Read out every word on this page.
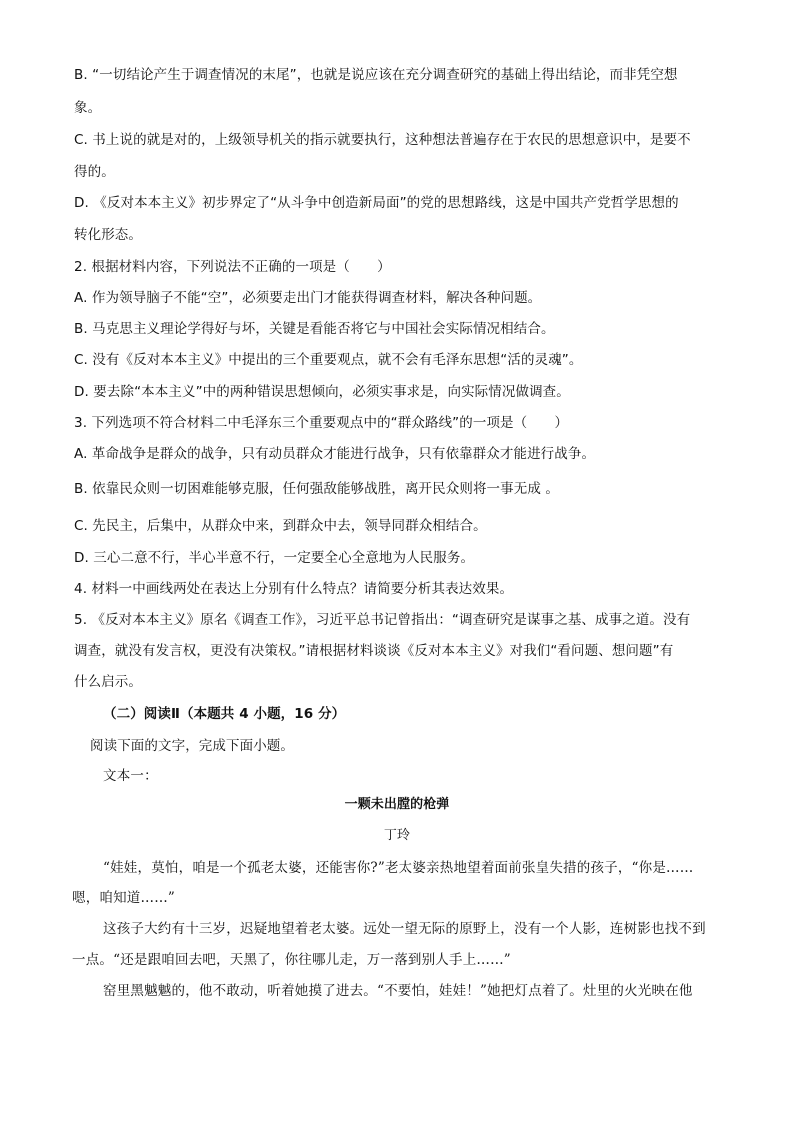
B. “一切结论产生于调查情况的末尾”，也就是说应该在充分调查研究的基础上得出结论，而非凭空想
象。
C. 书上说的就是对的，上级领导机关的指示就要执行，这种想法普遍存在于农民的思想意识中，是要不
得的。
D. 《反对本本主义》初步界定了“从斗争中创造新局面”的党的思想路线，这是中国共产党哲学思想的
转化形态。
2. 根据材料内容，下列说法不正确的一项是（　　）
A. 作为领导脑子不能“空”，必须要走出门才能获得调查材料，解决各种问题。
B. 马克思主义理论学得好与坏，关键是看能否将它与中国社会实际情况相结合。
C. 没有《反对本本主义》中提出的三个重要观点，就不会有毛泽东思想“活的灵魂”。
D. 要去除“本本主义”中的两种错误思想倾向，必须实事求是，向实际情况做调查。
3. 下列选项不符合材料二中毛泽东三个重要观点中的“群众路线”的一项是（　　）
A. 革命战争是群众的战争，只有动员群众才能进行战争，只有依靠群众才能进行战争。
B. 依靠民众则一切困难能够克服，任何强敌能够战胜，离开民众则将一事无成 。
C. 先民主，后集中，从群众中来，到群众中去，领导同群众相结合。
D. 三心二意不行，半心半意不行，一定要全心全意地为人民服务。
4. 材料一中画线两处在表达上分别有什么特点？请简要分析其表达效果。
5. 《反对本本主义》原名《调查工作》，习近平总书记曾指出：“调查研究是谋事之基、成事之道。没有
调查，就没有发言权，更没有决策权。”请根据材料谈谈《反对本本主义》对我们“看问题、想问题”有
什么启示。
（二）阅读Ⅱ（本题共 4 小题，16 分）
阅读下面的文字，完成下面小题。
文本一：
一颗未出膛的枪弹
丁玲
“娃娃，莫怕，咱是一个孤老太婆，还能害你?”老太婆亲热地望着面前张皇失措的孩子，“你是……
嗯，咱知道……”
这孩子大约有十三岁，迟疑地望着老太婆。远处一望无际的原野上，没有一个人影，连树影也找不到
一点。“还是跟咱回去吧，天黑了，你往哪儿走，万一落到别人手上……”
窑里黑魆魆的，他不敢动，听着她摸了进去。“不要怕，娃娃！”她把灯点着了。灶里的火光映在他
